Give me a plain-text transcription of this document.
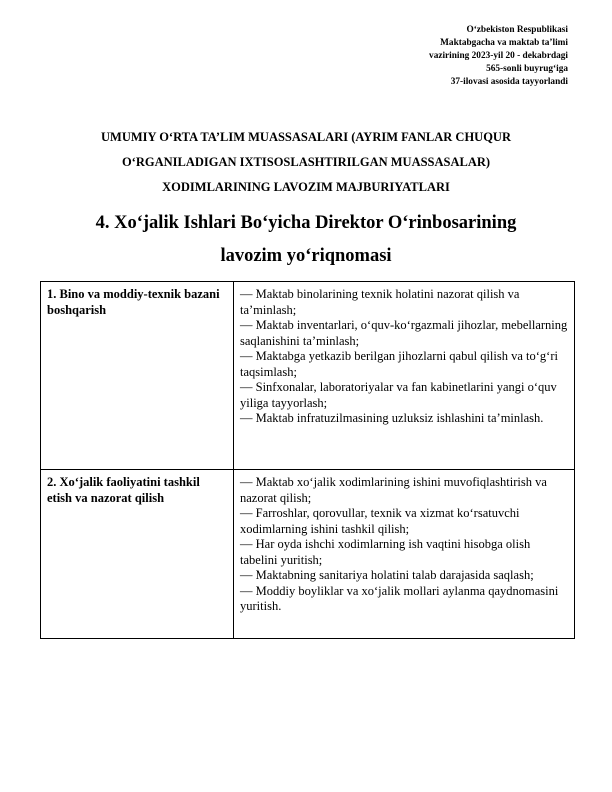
O‘zbekiston Respublikasi
Maktabgacha va maktab ta’limi
vazirining 2023-yil 20 - dekabrdagi
565-sonli buyrug‘iga
37-ilovasi asosida tayyorlandi
UMUMIY O‘RTA TA’LIM MUASSASALARI (AYRIM FANLAR CHUQUR
O‘RGANILADIGAN IXTISOSLASHTIRILGAN MUASSASALAR)
XODIMLARINING LAVOZIM MAJBURIYATLARI
4. Xo‘jalik Ishlari Bo‘yicha Direktor O‘rinbosarining
lavozim yo‘riqnomasi
1. Bino va moddiy-texnik bazani boshqarish	— Maktab binolarining texnik holatini nazorat qilish va ta’minlash;
— Maktab inventarlari, o‘quv-ko‘rgazmali jihozlar, mebellarning saqlanishini ta’minlash;
— Maktabga yetkazib berilgan jihozlarni qabul qilish va to‘g‘ri taqsimlash;
— Sinfxonalar, laboratoriyalar va fan kabinetlarini yangi o‘quv yiliga tayyorlash;
— Maktab infratuzilmasining uzluksiz ishlashini ta’minlash.

2. Xo‘jalik faoliyatini tashkil etish va nazorat qilish	— Maktab xo‘jalik xodimlarining ishini muvofiqlashtirish va nazorat qilish;
— Farroshlar, qorovullar, texnik va xizmat ko‘rsatuvchi xodimlarning ishini tashkil qilish;
— Har oyda ishchi xodimlarning ish vaqtini hisobga olish tabelini yuritish;
— Maktabning sanitariya holatini talab darajasida saqlash;
— Moddiy boyliklar va xo‘jalik mollari aylanma qaydnomasini yuritish.
